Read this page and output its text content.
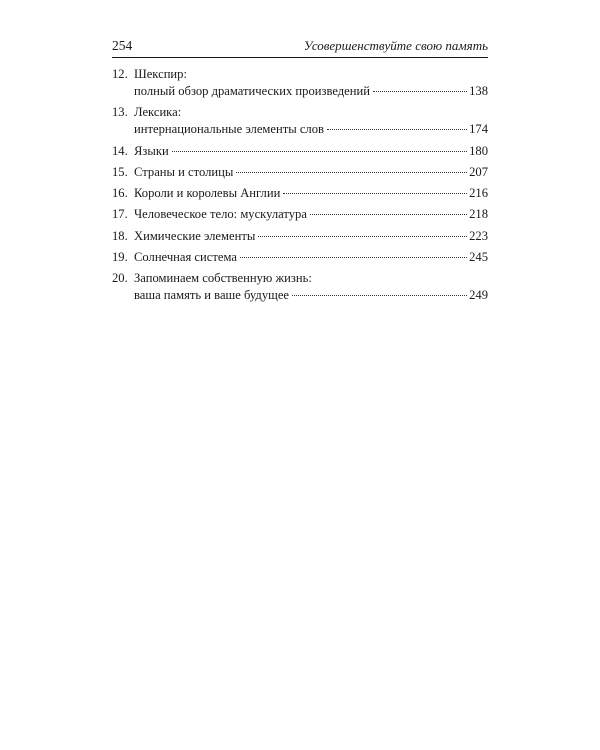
254	Усовершенствуйте свою память
12. Шекспир:
полный обзор драматических произведений	138
13. Лексика:
интернациональные элементы слов	174
14. Языки	180
15. Страны и столицы	207
16. Короли и королевы Англии	216
17. Человеческое тело: мускулатура	218
18. Химические элементы	223
19. Солнечная система	245
20. Запоминаем собственную жизнь:
ваша память и ваше будущее	249
